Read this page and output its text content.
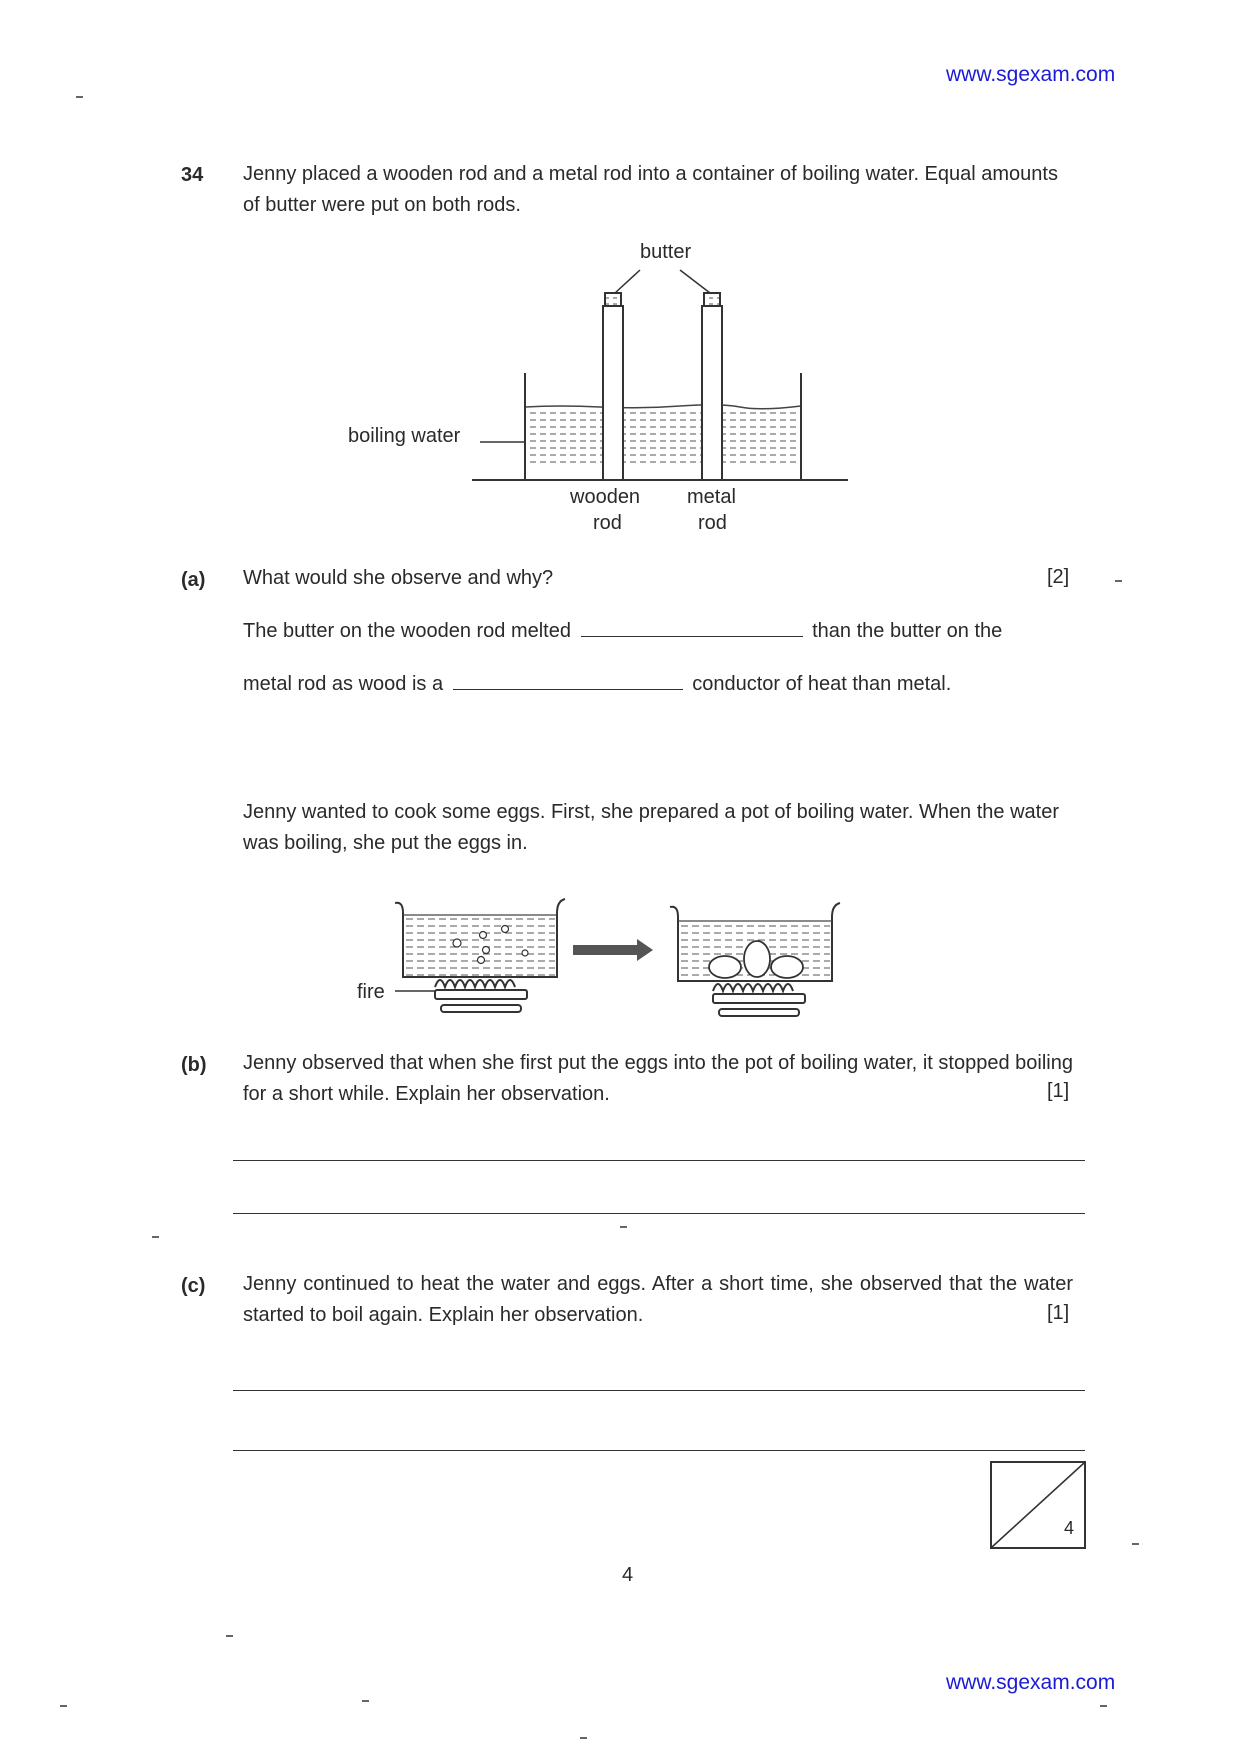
www.sgexam.com
34 Jenny placed a wooden rod and a metal rod into a container of boiling water. Equal amounts of butter were put on both rods.
butter
boiling water
wooden
rod
metal
rod
(a) What would she observe and why?	[2]
The butter on the wooden rod melted	than the butter on the
metal rod as wood is a	conductor of heat than metal.
Jenny wanted to cook some eggs. First, she prepared a pot of boiling water. When the water was boiling, she put the eggs in.
fire
(b) Jenny observed that when she first put the eggs into the pot of boiling water, it stopped boiling for a short while. Explain her observation.	[1]
(c) Jenny continued to heat the water and eggs. After a short time, she observed that the water started to boil again. Explain her observation.	[1]
4
4
www.sgexam.com
